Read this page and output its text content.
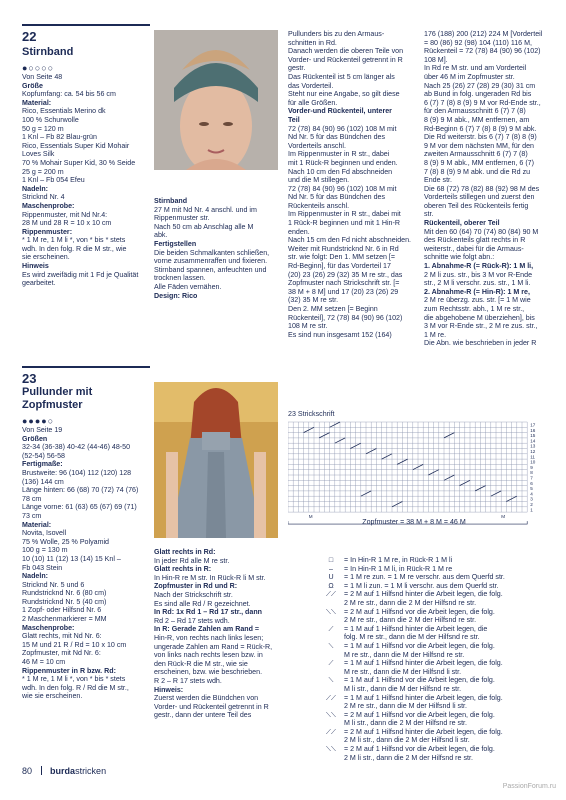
22
Stirnband
●○○○○

Von Seite 48

Größe
Kopfumfang: ca. 54 bis 56 cm
Material:
Rico, Essentials Merino dk
100 % Schurwolle
50 g = 120 m
1 Knl – Fb 82 Blau-grün
Rico, Essentials Super Kid Mohair
Loves Silk
70 % Mohair Super Kid, 30 % Seide
25 g = 200 m
1 Knl – Fb 054 Efeu
Nadeln:
Stricknd Nr. 4
Maschenprobe:
Rippenmuster, mit Nd Nr.4:
28 M und 28 R = 10 x 10 cm

Rippenmuster:
* 1 M re, 1 M li *, von * bis * stets
wdh. In den folg. R die M str., wie
sie erscheinen.

Hinweis
Es wird zweifädig mit 1 Fd je Qualität
gearbeitet.

Stirnband
27 M mit Nd Nr. 4 anschl. und im
Rippenmuster str.
Nach 50 cm ab Anschlag alle M
abk.

Fertigstellen
Die beiden Schmalkanten schließen,
vorne zusammenraffen und fixieren.

Stirnband spannen, anfeuchten und
trocknen lassen.

Alle Fäden vernähen.

Design: Rico

23
Pullunder mit
Zopfmuster
●●●●○

Von Seite 19

Größen
32-34 (36-38) 40-42 (44-46) 48-50
(52-54) 56-58
Fertigmaße:
Brustweite: 96 (104) 112 (120) 128
(136) 144 cm
Länge hinten: 66 (68) 70 (72) 74 (76)
78 cm
Länge vorne: 61 (63) 65 (67) 69 (71)
73 cm
Material:
Novita, Isovell
75 % Wolle, 25 % Polyamid
100 g = 130 m
10 (10) 11 (12) 13 (14) 15 Knl –
Fb 043 Stein
Nadeln:
Stricknd Nr. 5 und 6
Rundstricknd Nr. 6 (80 cm)
Rundstricknd Nr. 5 (40 cm)
1 Zopf- oder Hilfsnd Nr. 6
2 Maschenmarkierer = MM
Maschenprobe:
Glatt rechts, mit Nd Nr. 6:
15 M und 21 R / Rd = 10 x 10 cm
Zopfmuster, mit Nd Nr. 6:
46 M = 10 cm

Rippenmuster in R bzw. Rd:
* 1 M re, 1 M li *, von * bis * stets
wdh. In den folg. R / Rd die M str.,
wie sie erscheinen.

Glatt rechts in Rd:
In jeder Rd alle M re str.
Glatt rechts in R:
In Hin-R re M str. In Rück-R li M str.

Zopfmuster in Rd und R:
Nach der Strickschrift str.
Es sind alle Rd / R gezeichnet.
In Rd: 1x Rd 1 – Rd 17 str., dann
Rd 2 – Rd 17 stets wdh.
In R: Gerade Zahlen am Rand =
Hin-R, von rechts nach links lesen;
ungerade Zahlen am Rand = Rück-R,
von links nach rechts lesen bzw. in
den Rück-R die M str., wie sie
erscheinen, bzw. wie beschrieben.
R 2 – R 17 stets wdh.

Hinweis:
Zuerst werden die Bündchen von
Vorder- und Rückenteil getrennt in R
gestr., dann der untere Teil des

Pullunders bis zu den Armaus-
schnitten in Rd.
Danach werden die oberen Teile von
Vorder- und Rückenteil getrennt in R
gestr.
Das Rückenteil ist 5 cm länger als
das Vorderteil.

Steht nur eine Angabe, so gilt diese
für alle Größen.

Vorder-und Rückenteil, unterer
Teil
72 (78) 84 (90) 96 (102) 108 M mit
Nd Nr. 5 für das Bündchen des
Vorderteils anschl.
Im Rippenmuster in R str., dabei
mit 1 Rück-R beginnen und enden.
Nach 10 cm den Fd abschneiden
und die M stillegen.
72 (78) 84 (90) 96 (102) 108 M mit
Nd Nr. 5 für das Bündchen des
Rückenteils anschl.
Im Rippenmuster in R str., dabei mit
1 Rück-R beginnen und mit 1 Hin-R
enden.
Nach 15 cm den Fd nicht abschneiden.
Weiter mit Rundstricknd Nr. 6 in Rd
str. wie folgt: Den 1. MM setzen [=
Rd-Beginn], für das Vorderteil 17
(20) 23 (26) 29 (32) 35 M re str., das
Zopfmuster nach Strickschrift str. [=
38 M + 8 M] und 17 (20) 23 (26) 29
(32) 35 M re str.
Den 2. MM setzen [= Beginn
Rückenteil], 72 (78) 84 (90) 96 (102)
108 M re str.
Es sind nun insgesamt 152 (164)

176 (188) 200 (212) 224 M [Vorderteil
= 80 (86) 92 (98) 104 (110) 116 M,
Rückenteil = 72 (78) 84 (90) 96 (102)
108 M].
In Rd re M str. und am Vorderteil
über 46 M im Zopfmuster str.
Nach 25 (26) 27 (28) 29 (30) 31 cm
ab Bund in folg. ungeraden Rd bis
6 (7) 7 (8) 8 (9) 9 M vor Rd-Ende str.,
für den Armausschnitt 6 (7) 7 (8)
8 (9) 9 M abk., MM entfernen, am
Rd-Beginn 6 (7) 7 (8) 8 (9) 9 M abk.
Die Rd weiterstr. bis 6 (7) 7 (8) 8 (9)
9 M vor dem nächsten MM, für den
zweiten Armausschnitt 6 (7) 7 (8)
8 (9) 9 M abk., MM entfernen, 6 (7)
7 (8) 8 (9) 9 M abk. und die Rd zu
Ende str.
Die 68 (72) 78 (82) 88 (92) 98 M des
Vorderteils stillegen und zuerst den
oberen Teil des Rückenteils fertig
str.

Rückenteil, oberer Teil
Mit den 60 (64) 70 (74) 80 (84) 90 M
des Rückenteils glatt rechts in R
weiterstr., dabei für die Armaus-
schnitte wie folgt abn.:
1. Abnahme-R (= Rück-R): 1 M li,
2 M li zus. str., bis 3 M vor R-Ende
str., 2 M li verschr. zus. str., 1 M li.
2. Abnahme-R (= Hin-R): 1 M re,
2 M re überzg. zus. str. [= 1 M wie
zum Rechtsstr. abh., 1 M re str.,
die abgehobene M überziehen], bis
3 M vor R-Ende str., 2 M re zus. str.,
1 M re.
Die Abn. wie beschrieben in jeder R

23 Strickschrift
17
16
15
14
13
12
11
10
9
8
7
6
5
4
3
2
1
M	M
Zopfmuster = 38 M + 8 M = 46 M
□	= In Hin-R 1 M re, in Rück-R 1 M li
–	= In Hin-R 1 M li, in Rück-R 1 M re
U	= 1 M re zun. = 1 M re verschr. aus dem Querfd str.
Ω	= 1 M li zun. = 1 M li verschr. aus dem Querfd str.
⟋⟋	= 2 M auf 1 Hilfsnd hinter die Arbeit legen, die folg.
2 M re str., dann die 2 M der Hilfsnd re str.
⟍⟍	= 2 M auf 1 Hilfsnd vor die Arbeit legen, die folg.
2 M re str., dann die 2 M der Hilfsnd re str.
⟋	= 1 M auf 1 Hilfsnd hinter die Arbeit legen, die
folg. M re str., dann die M der Hilfsnd re str.
⟍	= 1 M auf 1 Hilfsnd vor die Arbeit legen, die folg.
M re str., dann die M der Hilfsnd re str.
⟋	= 1 M auf 1 Hilfsnd hinter die Arbeit legen, die folg.
M re str., dann die M der Hilfsnd li str.
⟍	= 1 M auf 1 Hilfsnd vor die Arbeit legen, die folg.
M li str., dann die M der Hilfsnd re str.
⟋⟋	= 1 M auf 1 Hilfsnd hinter die Arbeit legen, die folg.
2 M re str., dann die M der Hilfsnd li str.
⟍⟍	= 2 M auf 1 Hilfsnd vor die Arbeit legen, die folg.
M li str., dann die 2 M der Hilfsnd re str.
⟋⟋	= 2 M auf 1 Hilfsnd hinter die Arbeit legen, die folg.
2 M li str., dann die 2 M der Hilfsnd li str.
⟍⟍	= 2 M auf 1 Hilfsnd vor die Arbeit legen, die folg.
2 M li str., dann die 2 M der Hilfsnd re str.
80 burdastricken
PassionForum.ru
